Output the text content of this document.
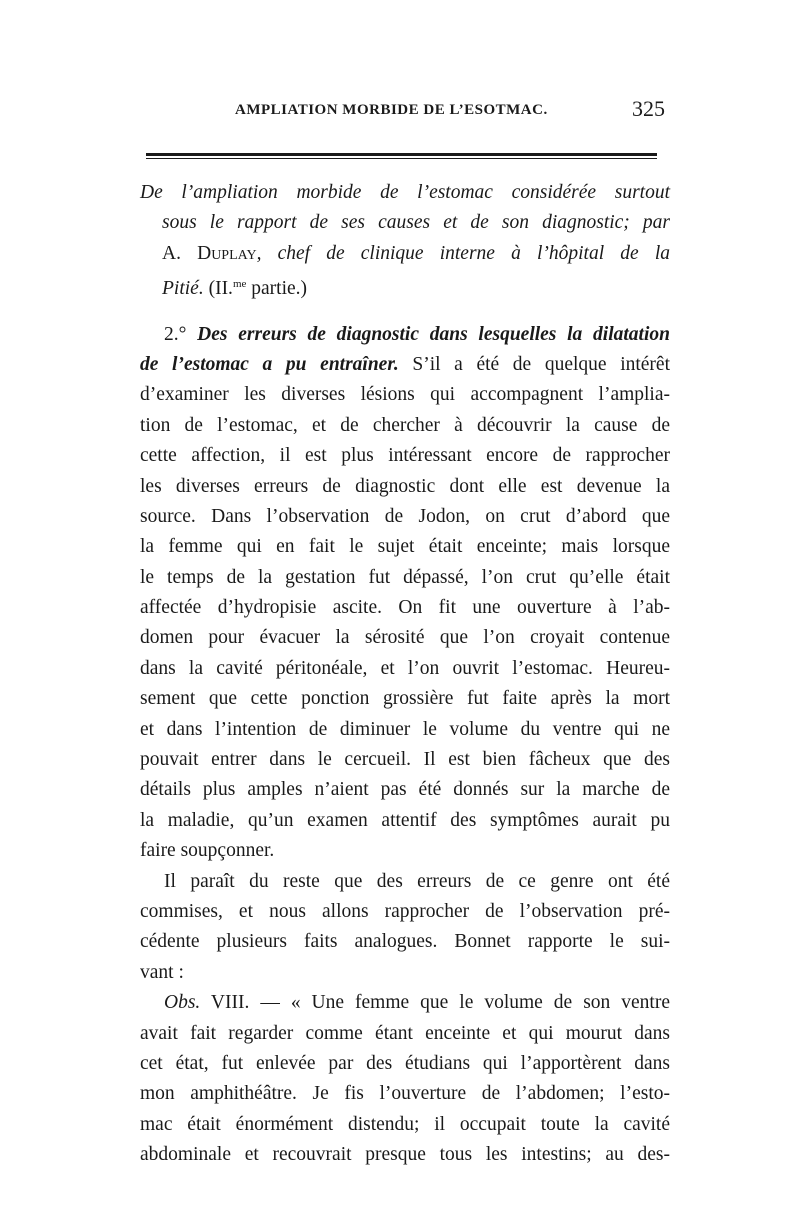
AMPLIATION MORBIDE DE L’ESOTMAC.	325
De l’ampliation morbide de l’estomac considérée surtout
sous le rapport de ses causes et de son diagnostic; par
A. Duplay, chef de clinique interne à l’hôpital de la
Pitié. (II.$^{me}$ partie.)
2.° Des erreurs de diagnostic dans lesquelles la dilatation
de l’estomac a pu entraîner. S’il a été de quelque intérêt
d’examiner les diverses lésions qui accompagnent l’amplia-
tion de l’estomac, et de chercher à découvrir la cause de
cette affection, il est plus intéressant encore de rapprocher
les diverses erreurs de diagnostic dont elle est devenue la
source. Dans l’observation de Jodon, on crut d’abord que
la femme qui en fait le sujet était enceinte; mais lorsque
le temps de la gestation fut dépassé, l’on crut qu’elle était
affectée d’hydropisie ascite. On fit une ouverture à l’ab-
domen pour évacuer la sérosité que l’on croyait contenue
dans la cavité péritonéale, et l’on ouvrit l’estomac. Heureu-
sement que cette ponction grossière fut faite après la mort
et dans l’intention de diminuer le volume du ventre qui ne
pouvait entrer dans le cercueil. Il est bien fâcheux que des
détails plus amples n’aient pas été donnés sur la marche de
la maladie, qu’un examen attentif des symptômes aurait pu
faire soupçonner.
Il paraît du reste que des erreurs de ce genre ont été
commises, et nous allons rapprocher de l’observation pré-
cédente plusieurs faits analogues. Bonnet rapporte le sui-
vant :
Obs. VIII. — « Une femme que le volume de son ventre
avait fait regarder comme étant enceinte et qui mourut dans
cet état, fut enlevée par des étudians qui l’apportèrent dans
mon amphithéâtre. Je fis l’ouverture de l’abdomen; l’esto-
mac était énormément distendu; il occupait toute la cavité
abdominale et recouvrait presque tous les intestins; au des-
